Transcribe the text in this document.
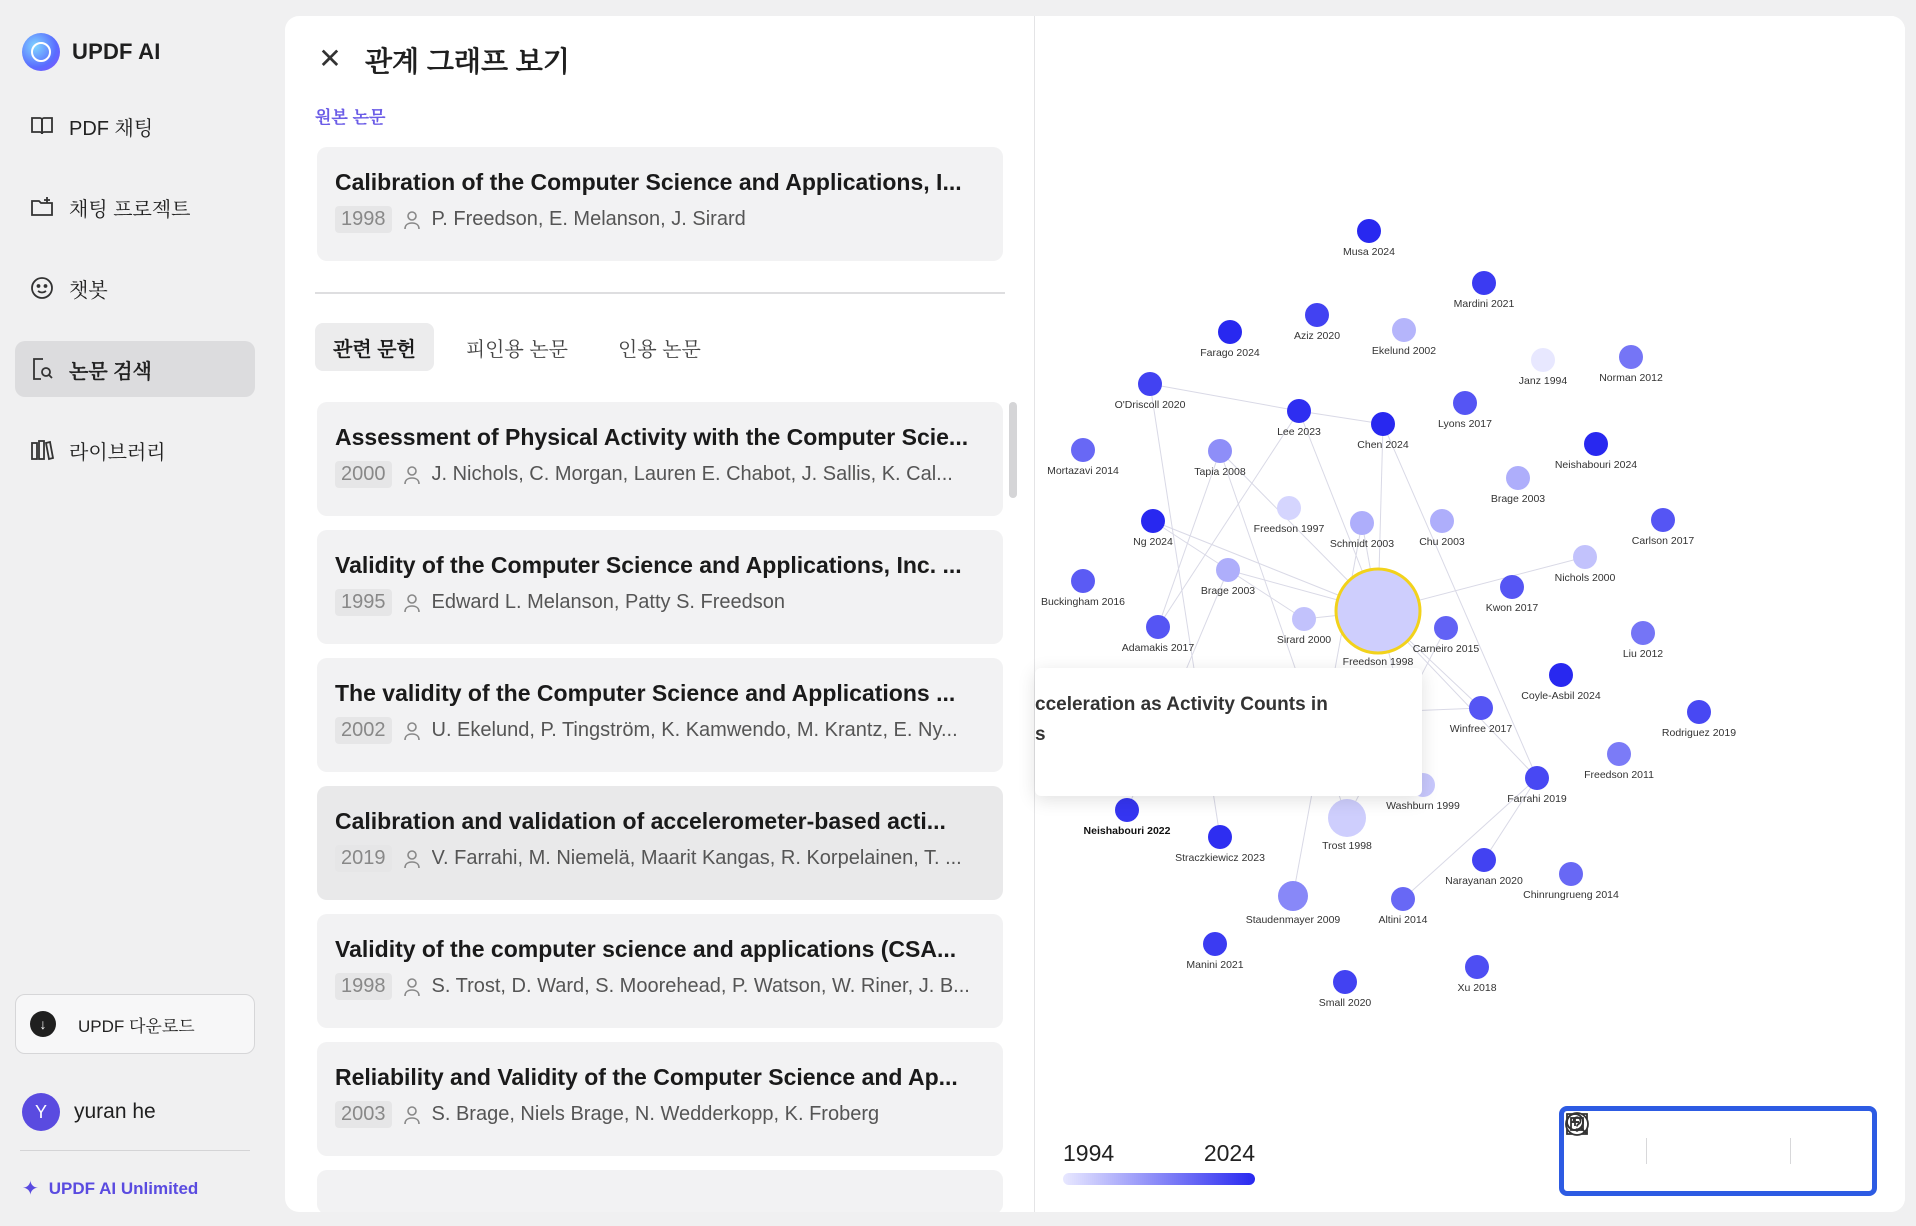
UPDF AI
PDF 채팅
채팅 프로젝트
챗봇
논문 검색
라이브러리
↓	UPDF 다운로드
Y	yuran he
✦ UPDF AI Unlimited
✕ 관계 그래프 보기
원본 논문
Calibration of the Computer Science and Applications, I...
1998	P. Freedson, E. Melanson, J. Sirard
관련 문헌	피인용 논문	인용 논문
Assessment of Physical Activity with the Computer Scie...
2000	J. Nichols, C. Morgan, Lauren E. Chabot, J. Sallis, K. Cal...
Validity of the Computer Science and Applications, Inc. ...
1995	Edward L. Melanson, Patty S. Freedson
The validity of the Computer Science and Applications ...
2002	U. Ekelund, P. Tingström, K. Kamwendo, M. Krantz, E. Ny...
Calibration and validation of accelerometer-based acti...
2019	V. Farrahi, M. Niemelä, Maarit Kangas, R. Korpelainen, T. ...
Validity of the computer science and applications (CSA...
1998	S. Trost, D. Ward, S. Moorehead, P. Watson, W. Riner, J. B...
Reliability and Validity of the Computer Science and Ap...
2003	S. Brage, Niels Brage, N. Wedderkopp, K. Froberg
Musa 2024
Mardini 2021
Aziz 2020
Ekelund 2002
Farago 2024
Janz 1994	Norman 2012
O'Driscoll 2020
Lee 2023
Lyons 2017
Chen 2024
Mortazavi 2014	Tapia 2008
Neishabouri 2024
Brage 2003
Freedson 1997
Schmidt 2003 Chu 2003
Ng 2024	Carlson 2017
Nichols 2000
Brage 2003
Kwon 2017
Buckingham 2016
Sirard 2000
Freedson 1998
Carneiro 2015	Liu 2012
Adamakis 2017
Coyle-Asbil 2024
Rodriguez 2019
Winfree 2017
Freedson 2011
Farrahi 2019
Washburn 1999
Neishabouri 2022
Trost 1998
Straczkiewicz 2023
Narayanan 2020
Chinrungrueng 2014
Staudenmayer 2009	Altini 2014
Manini 2021
Xu 2018
Small 2020
cceleration as Activity Counts in
s
1994	2024
